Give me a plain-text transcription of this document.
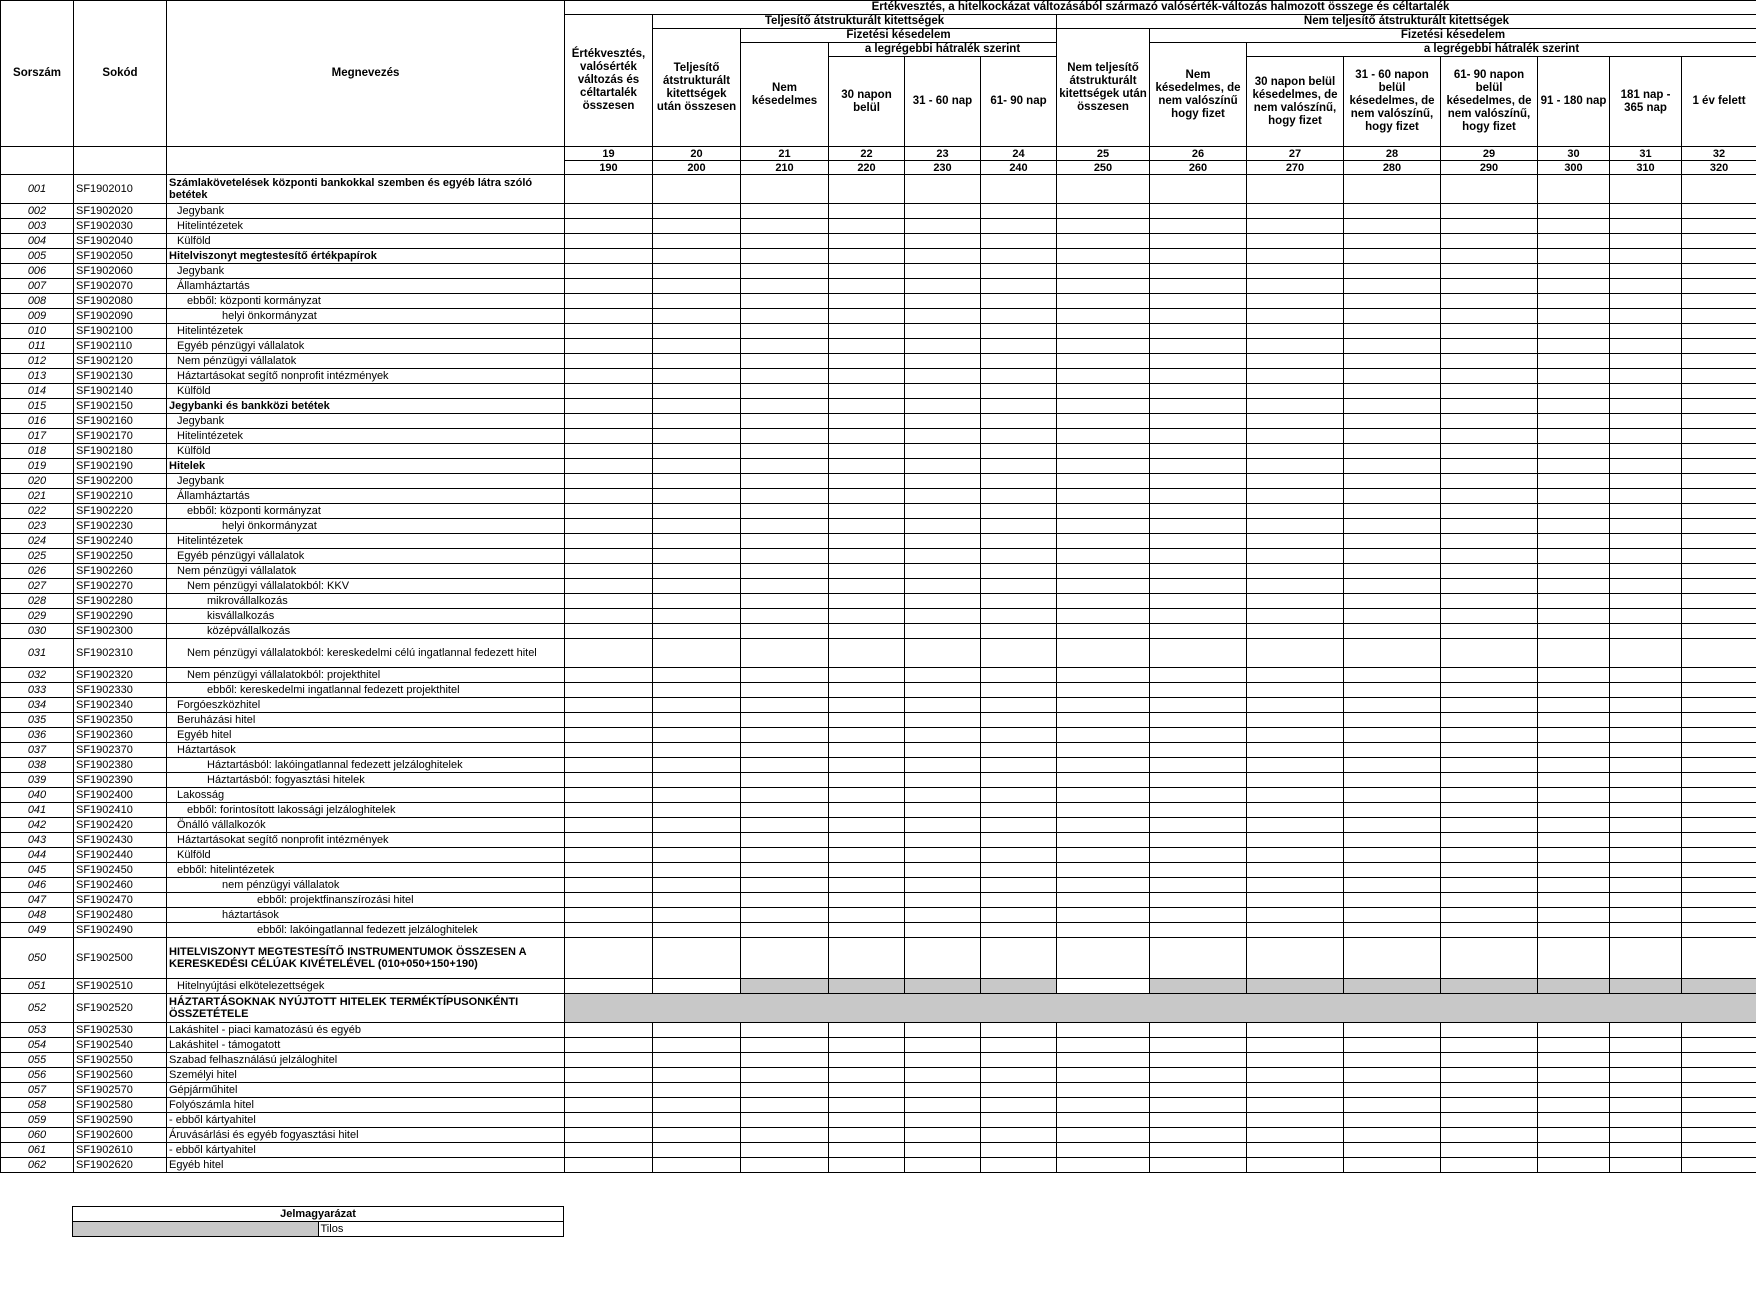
Sorszám	Sokód	Megnevezés	Értékvesztés, a hitelkockázat változásából származó valósérték-változás halmozott összege és céltartalék													
			Értékvesztés, valósérték változás és céltartalék összesen	Teljesítő átstrukturált kitettségek					Nem teljesítő átstrukturált kitettségek							
				Teljesítő átstrukturált kitettségek után összesen	Fizetési késedelem				Nem teljesítő átstrukturált kitettségek után összesen	Fizetési késedelem						
					Nem késedelmes	a legrégebbi hátralék szerint				Nem késedelmes, de nem valószínű hogy fizet	a legrégebbi hátralék szerint					
						30 napon belül	31 - 60 nap	61- 90 nap			30 napon belül késedelmes, de nem valószínű, hogy fizet	31 - 60 napon belül késedelmes, de nem valószínű, hogy fizet	61- 90 napon belül késedelmes, de nem valószínű, hogy fizet	91 - 180 nap	181 nap - 365 nap	1 év felett
			19	20	21	22	23	24	25	26	27	28	29	30	31	32
			190	200	210	220	230	240	250	260	270	280	290	300	310	320
001	SF1902010	Számlakövetelések központi bankokkal szemben és egyéb látra szóló betétek														
002	SF1902020	Jegybank														
003	SF1902030	Hitelintézetek														
004	SF1902040	Külföld														
005	SF1902050	Hitelviszonyt megtestesítő értékpapírok														
006	SF1902060	Jegybank														
007	SF1902070	Államháztartás														
008	SF1902080	ebből: központi kormányzat														
009	SF1902090	helyi önkormányzat														
010	SF1902100	Hitelintézetek														
011	SF1902110	Egyéb pénzügyi vállalatok														
012	SF1902120	Nem pénzügyi vállalatok														
013	SF1902130	Háztartásokat segítő nonprofit intézmények														
014	SF1902140	Külföld														
015	SF1902150	Jegybanki és bankközi betétek														
016	SF1902160	Jegybank														
017	SF1902170	Hitelintézetek														
018	SF1902180	Külföld														
019	SF1902190	Hitelek														
020	SF1902200	Jegybank														
021	SF1902210	Államháztartás														
022	SF1902220	ebből: központi kormányzat														
023	SF1902230	helyi önkormányzat														
024	SF1902240	Hitelintézetek														
025	SF1902250	Egyéb pénzügyi vállalatok														
026	SF1902260	Nem pénzügyi vállalatok														
027	SF1902270	Nem pénzügyi vállalatokból: KKV														
028	SF1902280	mikrovállalkozás														
029	SF1902290	kisvállalkozás														
030	SF1902300	középvállalkozás														
031	SF1902310	Nem pénzügyi vállalatokból: kereskedelmi célú ingatlannal fedezett hitel														
032	SF1902320	Nem pénzügyi vállalatokból: projekthitel														
033	SF1902330	ebből: kereskedelmi ingatlannal fedezett projekthitel														
034	SF1902340	Forgóeszközhitel														
035	SF1902350	Beruházási hitel														
036	SF1902360	Egyéb hitel														
037	SF1902370	Háztartások														
038	SF1902380	Háztartásból: lakóingatlannal fedezett jelzáloghitelek														
039	SF1902390	Háztartásból: fogyasztási hitelek														
040	SF1902400	Lakosság														
041	SF1902410	ebből: forintosított lakossági jelzáloghitelek														
042	SF1902420	Önálló vállalkozók														
043	SF1902430	Háztartásokat segítő nonprofit intézmények														
044	SF1902440	Külföld														
045	SF1902450	ebből: hitelintézetek														
046	SF1902460	nem pénzügyi vállalatok														
047	SF1902470	ebből: projektfinanszírozási hitel														
048	SF1902480	háztartások														
049	SF1902490	ebből: lakóingatlannal fedezett jelzáloghitelek														
050	SF1902500	HITELVISZONYT MEGTESTESÍTŐ INSTRUMENTUMOK ÖSSZESEN A KERESKEDÉSI CÉLÚAK KIVÉTELÉVEL (010+050+150+190)														
051	SF1902510	Hitelnyújtási elkötelezettségek														
052	SF1902520	HÁZTARTÁSOKNAK NYÚJTOTT HITELEK TERMÉKTÍPUSONKÉNTI ÖSSZETÉTELE														
053	SF1902530	Lakáshitel - piaci kamatozású és egyéb														
054	SF1902540	Lakáshitel - támogatott														
055	SF1902550	Szabad felhasználású jelzáloghitel														
056	SF1902560	Személyi hitel														
057	SF1902570	Gépjárműhitel														
058	SF1902580	Folyószámla hitel														
059	SF1902590	- ebből kártyahitel														
060	SF1902600	Áruvásárlási és egyéb fogyasztási hitel														
061	SF1902610	- ebből kártyahitel														
062	SF1902620	Egyéb hitel														
Jelmagyarázat
	Tilos
